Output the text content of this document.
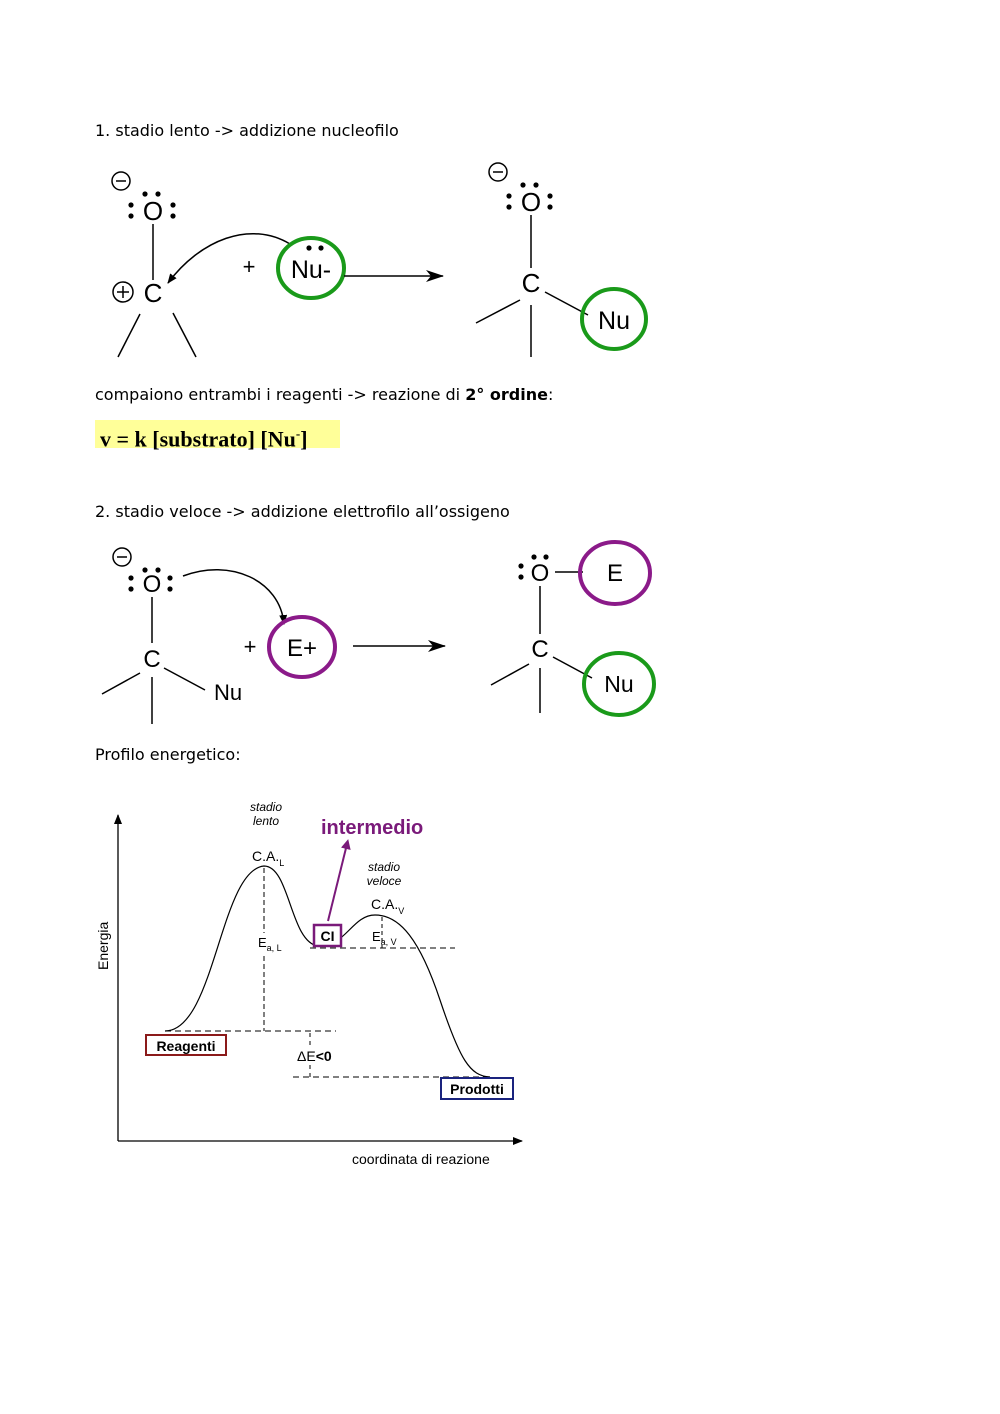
1. stadio lento -> addizione nucleofilo
compaiono entrambi i reagenti -> reazione di 2° ordine:
v = k [substrato] [Nu-]
2. stadio veloce -> addizione elettrofilo all’ossigeno
Profilo energetico:
O
C
+ Nu-
O
C
Nu
O
C
Nu
+ E+
O E
C
Nu
Energia
coordinata di reazione
stadio
lento
stadio
veloce
intermedio
$C.A._L$
$C.A._V$
$E_{a, L}$
$E_{a, V}$
CI
Reagenti
Prodotti
ΔE<0
